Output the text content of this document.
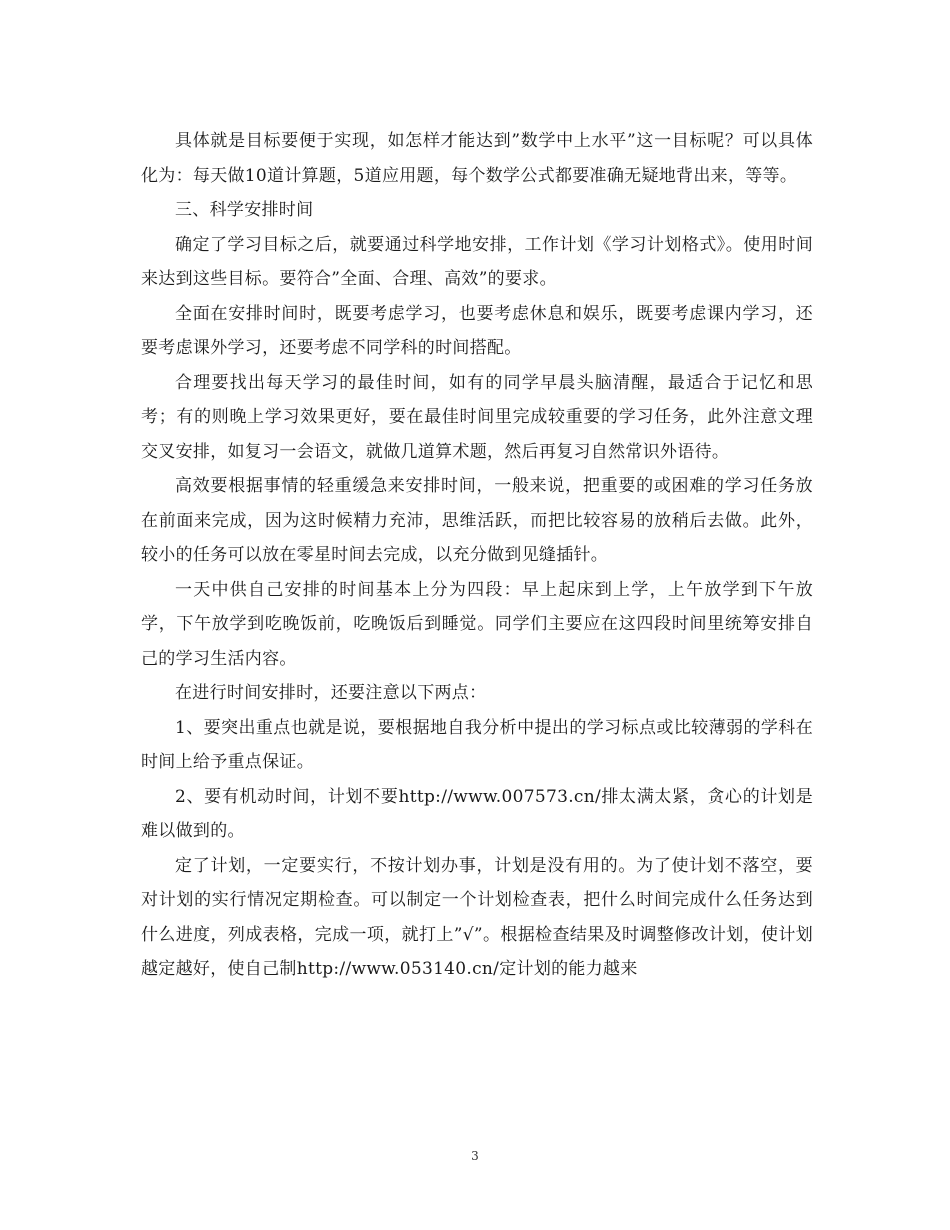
具体就是目标要便于实现，如怎样才能达到”数学中上水平”这一目标呢？可以具体化为：每天做10道计算题，5道应用题，每个数学公式都要准确无疑地背出来，等等。

三、科学安排时间

确定了学习目标之后，就要通过科学地安排，工作计划《学习计划格式》。使用时间来达到这些目标。要符合”全面、合理、高效”的要求。

全面在安排时间时，既要考虑学习，也要考虑休息和娱乐，既要考虑课内学习，还要考虑课外学习，还要考虑不同学科的时间搭配。

合理要找出每天学习的最佳时间，如有的同学早晨头脑清醒，最适合于记忆和思考；有的则晚上学习效果更好，要在最佳时间里完成较重要的学习任务，此外注意文理交叉安排，如复习一会语文，就做几道算术题，然后再复习自然常识外语待。

高效要根据事情的轻重缓急来安排时间，一般来说，把重要的或困难的学习任务放在前面来完成，因为这时候精力充沛，思维活跃，而把比较容易的放稍后去做。此外，较小的任务可以放在零星时间去完成，以充分做到见缝插针。

一天中供自己安排的时间基本上分为四段：早上起床到上学，上午放学到下午放学，下午放学到吃晚饭前，吃晚饭后到睡觉。同学们主要应在这四段时间里统筹安排自己的学习生活内容。

在进行时间安排时，还要注意以下两点：

1、要突出重点也就是说，要根据地自我分析中提出的学习标点或比较薄弱的学科在时间上给予重点保证。

2、要有机动时间，计划不要http://www.007573.cn/排太满太紧，贪心的计划是难以做到的。

定了计划，一定要实行，不按计划办事，计划是没有用的。为了使计划不落空，要对计划的实行情况定期检查。可以制定一个计划检查表，把什么时间完成什么任务达到什么进度，列成表格，完成一项，就打上”√”。根据检查结果及时调整修改计划，使计划越定越好，使自己制http://www.053140.cn/定计划的能力越来

3
